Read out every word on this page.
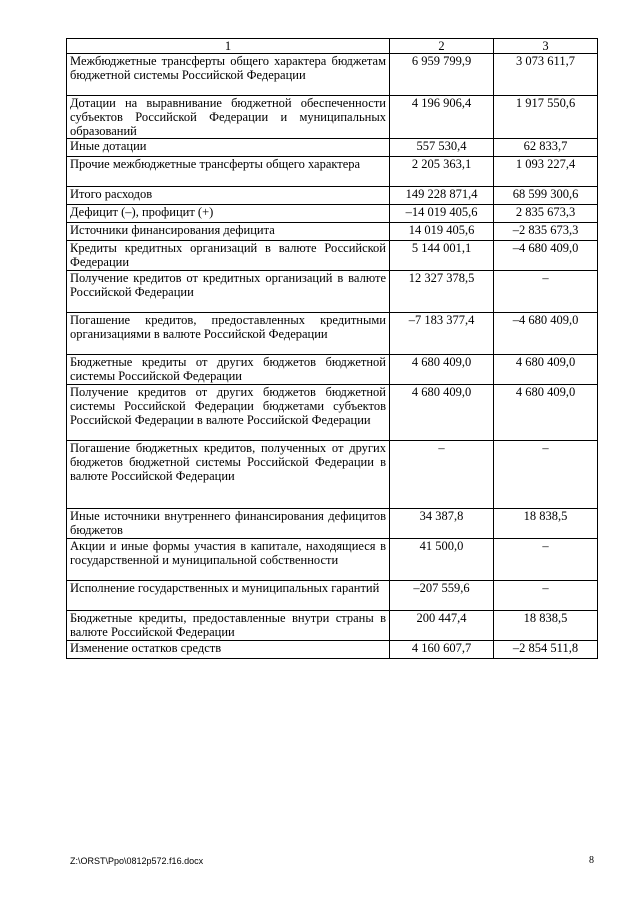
1	2	3
Межбюджетные трансферты общего характера бюджетам бюджетной системы Российской Федерации	6 959 799,9	3 073 611,7
Дотации на выравнивание бюджетной обеспеченности субъектов Российской Федерации и муниципальных образований	4 196 906,4	1 917 550,6
Иные дотации	557 530,4	62 833,7
Прочие межбюджетные трансферты общего характера	2 205 363,1	1 093 227,4
Итого расходов	149 228 871,4	68 599 300,6
Дефицит (–), профицит (+)	–14 019 405,6	2 835 673,3
Источники финансирования дефицита	14 019 405,6	–2 835 673,3
Кредиты кредитных организаций в валюте Российской Федерации	5 144 001,1	–4 680 409,0
Получение кредитов от кредитных организаций в валюте Российской Федерации	12 327 378,5	–
Погашение кредитов, предоставленных кредитными организациями в валюте Российской Федерации	–7 183 377,4	–4 680 409,0
Бюджетные кредиты от других бюджетов бюджетной системы Российской Федерации	4 680 409,0	4 680 409,0
Получение кредитов от других бюджетов бюджетной системы Российской Федерации бюджетами субъектов Российской Федерации в валюте Российской Федерации	4 680 409,0	4 680 409,0
Погашение бюджетных кредитов, полученных от других бюджетов бюджетной системы Российской Федерации в валюте Российской Федерации	–	–
Иные источники внутреннего финансирования дефицитов бюджетов	34 387,8	18 838,5
Акции и иные формы участия в капитале, находящиеся в государственной и муниципальной собственности	41 500,0	–
Исполнение государственных и муниципальных гарантий	–207 559,6	–
Бюджетные кредиты, предоставленные внутри страны в валюте Российской Федерации	200 447,4	18 838,5
Изменение остатков средств	4 160 607,7	–2 854 511,8
Z:\ORST\Ppo\0812p572.f16.docx	8
